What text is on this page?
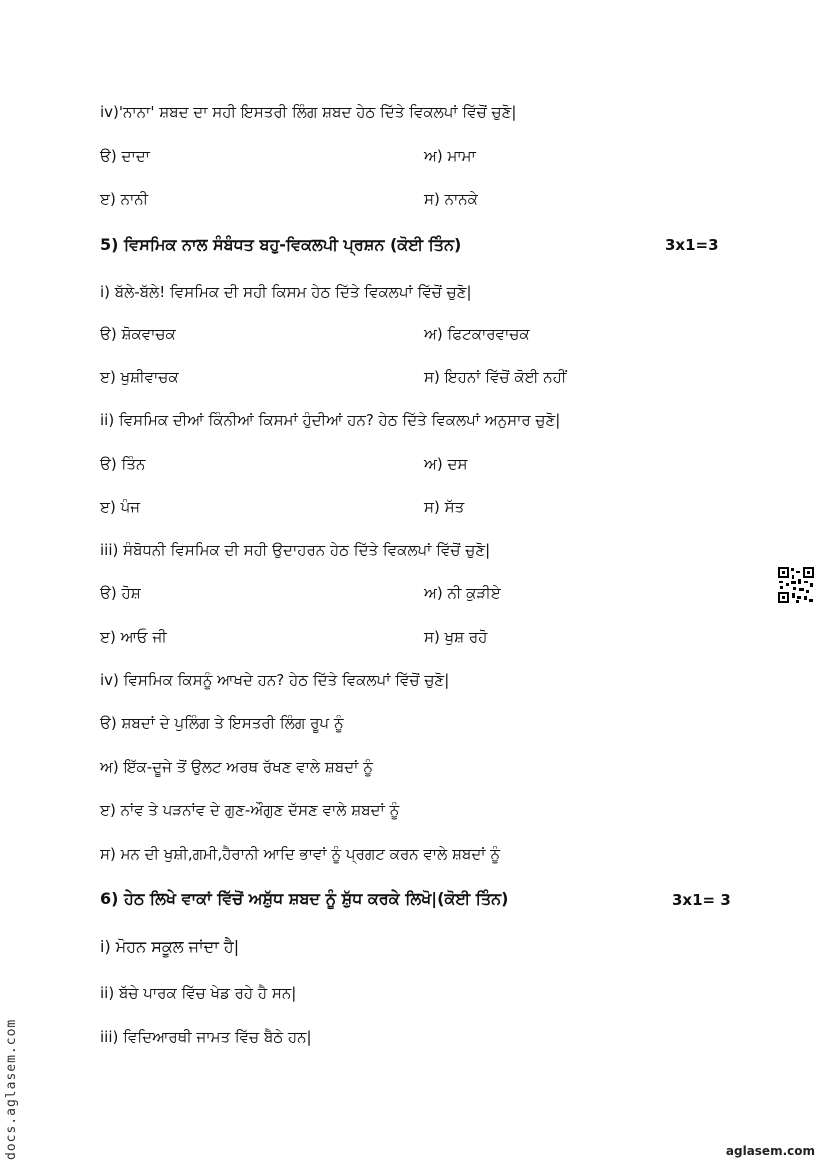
iv)'ਨਾਨਾ' ਸ਼ਬਦ ਦਾ ਸਹੀ ਇਸਤਰੀ ਲਿੰਗ ਸ਼ਬਦ ਹੇਠ ਦਿੱਤੇ ਵਿਕਲਪਾਂ ਵਿੱਚੋਂ ਚੁਣੋ|
ੳ) ਦਾਦਾ	ਅ) ਮਾਮਾ
ੲ) ਨਾਨੀ	ਸ) ਨਾਨਕੇ
5) ਵਿਸਮਿਕ ਨਾਲ ਸੰਬੰਧਤ ਬਹੁ-ਵਿਕਲਪੀ ਪ੍ਰਸ਼ਨ (ਕੋਈ ਤਿੰਨ)	3x1=3
i) ਬੱਲੇ-ਬੱਲੇ! ਵਿਸਮਿਕ ਦੀ ਸਹੀ ਕਿਸਮ ਹੇਠ ਦਿੱਤੇ ਵਿਕਲਪਾਂ ਵਿੱਚੋਂ ਚੁਣੋ|
ੳ) ਸ਼ੋਕਵਾਚਕ	ਅ) ਫਿਟਕਾਰਵਾਚਕ
ੲ) ਖੁਸ਼ੀਵਾਚਕ	ਸ) ਇਹਨਾਂ ਵਿੱਚੋਂ ਕੋਈ ਨਹੀਂ
ii) ਵਿਸਮਿਕ ਦੀਆਂ ਕਿੰਨੀਆਂ ਕਿਸਮਾਂ ਹੁੰਦੀਆਂ ਹਨ? ਹੇਠ ਦਿੱਤੇ ਵਿਕਲਪਾਂ ਅਨੁਸਾਰ ਚੁਣੋ|
ੳ) ਤਿੰਨ	ਅ) ਦਸ
ੲ) ਪੰਜ	ਸ) ਸੱਤ
iii) ਸੰਬੋਧਨੀ ਵਿਸਮਿਕ ਦੀ ਸਹੀ ਉਦਾਹਰਨ ਹੇਠ ਦਿੱਤੇ ਵਿਕਲਪਾਂ ਵਿੱਚੋਂ ਚੁਣੋ|
ੳ) ਹੋਸ਼	ਅ) ਨੀ ਕੁੜੀਏ
ੲ) ਆਓ ਜੀ	ਸ) ਖੁਸ਼ ਰਹੋ
iv) ਵਿਸਮਿਕ ਕਿਸਨੂੰ ਆਖਦੇ ਹਨ? ਹੇਠ ਦਿੱਤੇ ਵਿਕਲਪਾਂ ਵਿੱਚੋਂ ਚੁਣੋ|
ੳ) ਸ਼ਬਦਾਂ ਦੇ ਪੁਲਿੰਗ ਤੇ ਇਸਤਰੀ ਲਿੰਗ ਰੂਪ ਨੂੰ
ਅ) ਇੱਕ-ਦੂਜੇ ਤੋਂ ਉਲਟ ਅਰਥ ਰੱਖਣ ਵਾਲੇ ਸ਼ਬਦਾਂ ਨੂੰ
ੲ) ਨਾਂਵ ਤੇ ਪੜਨਾਂਵ ਦੇ ਗੁਣ-ਔਗੁਣ ਦੱਸਣ ਵਾਲੇ ਸ਼ਬਦਾਂ ਨੂੰ
ਸ) ਮਨ ਦੀ ਖੁਸ਼ੀ,ਗਮੀ,ਹੈਰਾਨੀ ਆਦਿ ਭਾਵਾਂ ਨੂੰ ਪ੍ਰਗਟ ਕਰਨ ਵਾਲੇ ਸ਼ਬਦਾਂ ਨੂੰ
6) ਹੇਠ ਲਿਖੇ ਵਾਕਾਂ ਵਿੱਚੋਂ ਅਸ਼ੁੱਧ ਸ਼ਬਦ ਨੂੰ ਸ਼ੁੱਧ ਕਰਕੇ ਲਿਖੋ|(ਕੋਈ ਤਿੰਨ)	3x1= 3
i) ਮੋਹਨ ਸਕੂਲ ਜਾਂਦਾ ਹੈ|
ii) ਬੱਚੇ ਪਾਰਕ ਵਿੱਚ ਖੇਡ ਰਹੇ ਹੈ ਸਨ|
iii) ਵਿਦਿਆਰਥੀ ਜਾਮਤ ਵਿੱਚ ਬੈਠੇ ਹਨ|
docs.aglasem.com	aglasem.com
